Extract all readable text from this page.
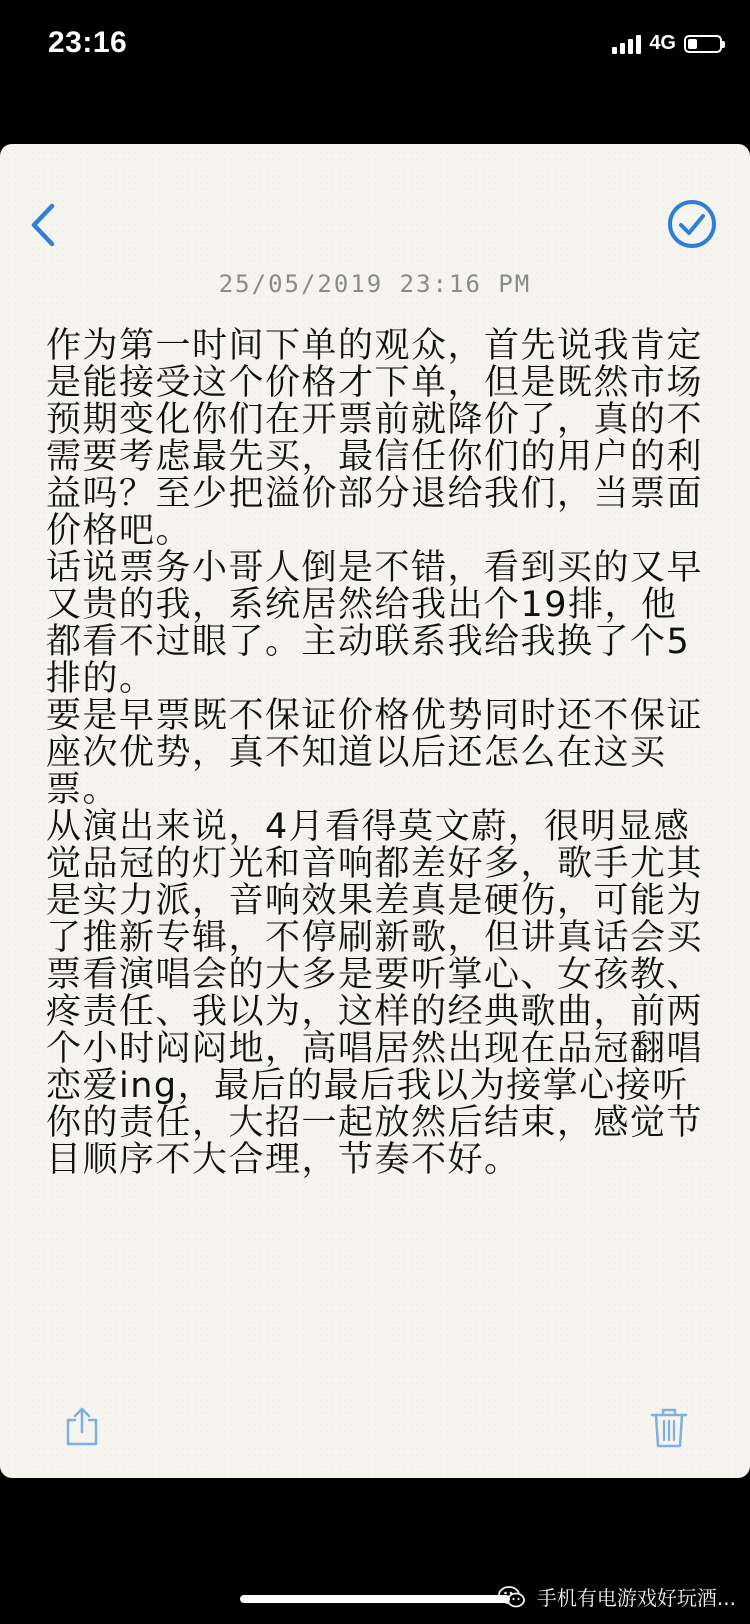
23:16	4G
25/05/2019 23:16 PM

作为第一时间下单的观众，首先说我肯定是能接受这个价格才下单，但是既然市场预期变化你们在开票前就降价了，真的不需要考虑最先买，最信任你们的用户的利益吗？至少把溢价部分退给我们，当票面价格吧。

话说票务小哥人倒是不错，看到买的又早又贵的我，系统居然给我出个19排，他都看不过眼了。主动联系我给我换了个5排的。

要是早票既不保证价格优势同时还不保证座次优势，真不知道以后还怎么在这买票。

从演出来说，4月看得莫文蔚，很明显感觉品冠的灯光和音响都差好多，歌手尤其是实力派，音响效果差真是硬伤，可能为了推新专辑，不停刷新歌，但讲真话会买票看演唱会的大多是要听掌心、女孩教、疼责任、我以为，这样的经典歌曲，前两个小时闷闷地，高唱居然出现在品冠翻唱恋爱ing，最后的最后我以为接掌心接听你的责任，大招一起放然后结束，感觉节目顺序不大合理，节奏不好。

手机有电游戏好玩酒...
